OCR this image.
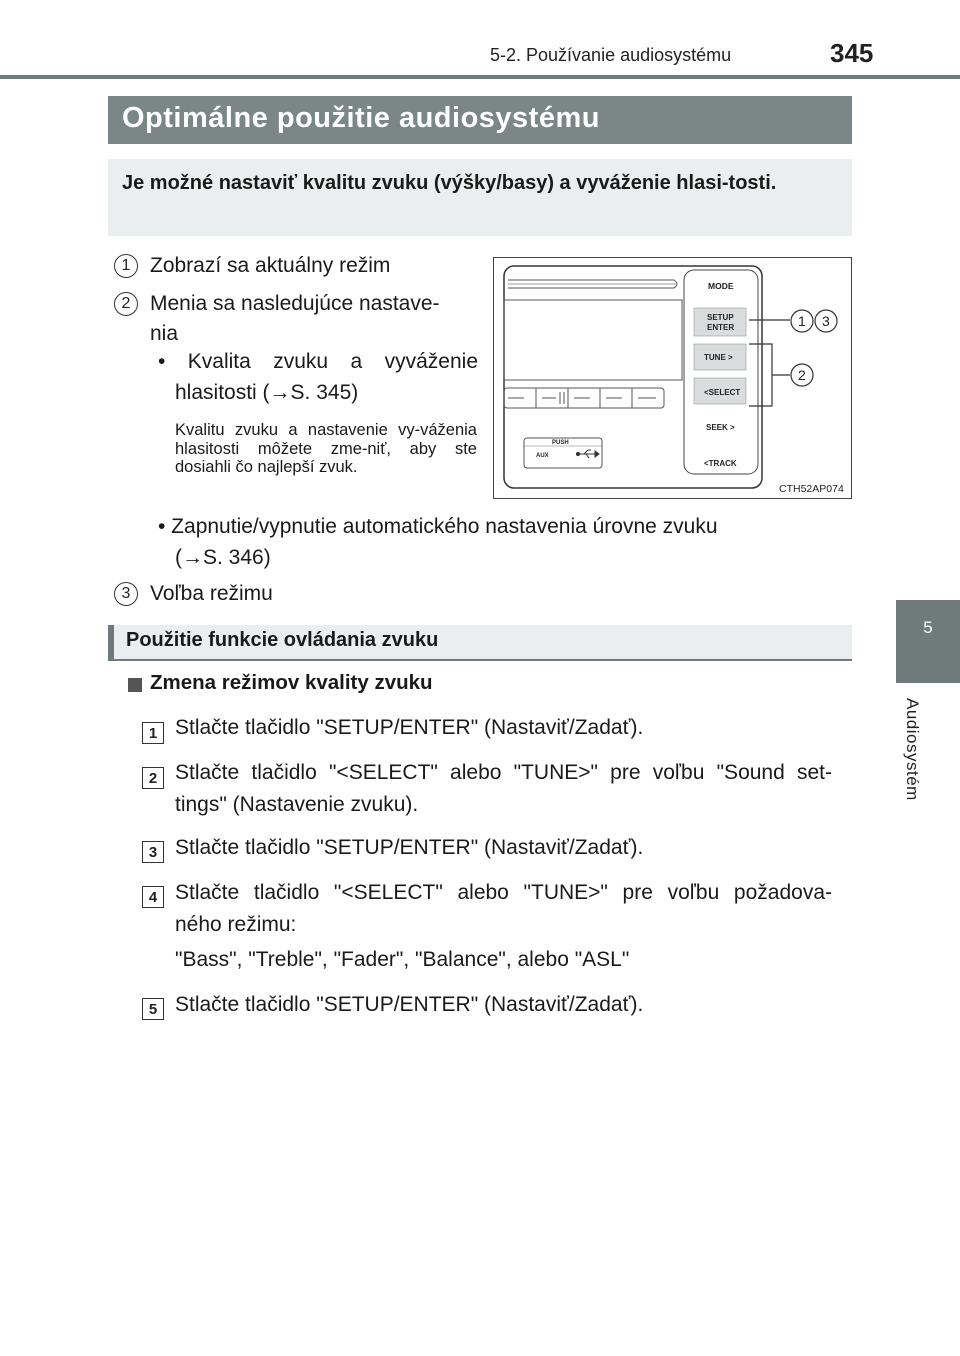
5-2. Používanie audiosystému	345
5
Audiosystém
Optimálne použitie audiosystému
Je možné nastaviť kvalitu zvuku (výšky/basy) a vyváženie hlasi-tosti.
1 Zobrazí sa aktuálny režim
2 Menia sa nasledujúce nastave-
nia
• Kvalita zvuku a vyváženie
hlasitosti (→S. 345)
Kvalitu zvuku a nastavenie vy-váženia hlasitosti môžete zme-niť, aby ste dosiahli čo najlepší zvuk.
• Zapnutie/vypnutie automatického nastavenia úrovne zvuku
(→S. 346)
3 Voľba režimu
MODE
SETUP
ENTER
TUNE >
<SELECT
SEEK >
<TRACK
PUSH
AUX
1 3
2
CTH52AP074
Použitie funkcie ovládania zvuku
Zmena režimov kvality zvuku
1 Stlačte tlačidlo "SETUP/ENTER" (Nastaviť/Zadať).
2 Stlačte tlačidlo "<SELECT" alebo "TUNE>" pre voľbu "Sound set-
tings" (Nastavenie zvuku).
3 Stlačte tlačidlo "SETUP/ENTER" (Nastaviť/Zadať).
4 Stlačte tlačidlo "<SELECT" alebo "TUNE>" pre voľbu požadova-
ného režimu:
"Bass", "Treble", "Fader", "Balance", alebo "ASL"
5 Stlačte tlačidlo "SETUP/ENTER" (Nastaviť/Zadať).
